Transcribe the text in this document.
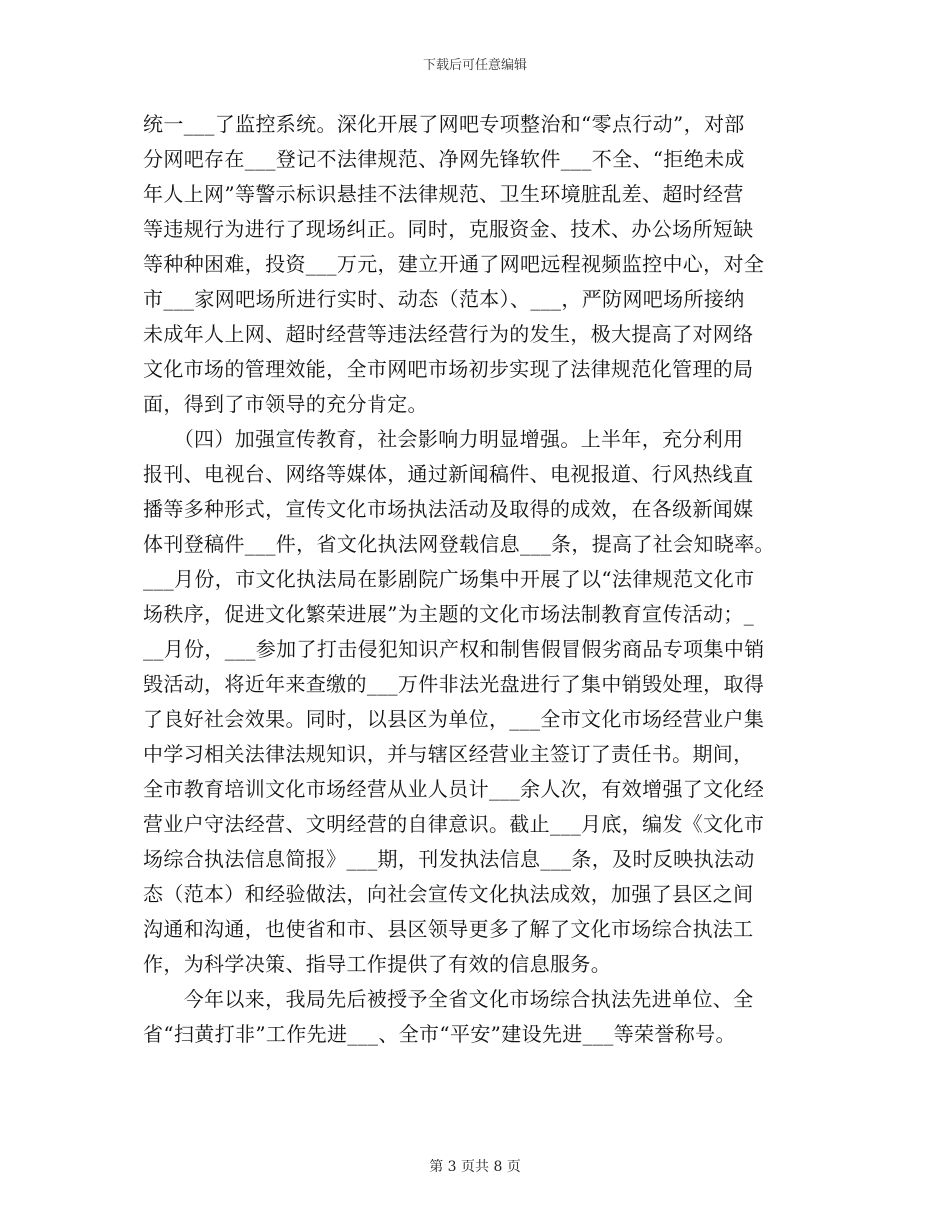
下载后可任意编辑
统一___了监控系统。深化开展了网吧专项整治和“零点行动”，对部
分网吧存在___登记不法律规范、净网先锋软件___不全、“拒绝未成
年人上网”等警示标识悬挂不法律规范、卫生环境脏乱差、超时经营
等违规行为进行了现场纠正。同时，克服资金、技术、办公场所短缺
等种种困难，投资___万元，建立开通了网吧远程视频监控中心，对全
市___家网吧场所进行实时、动态（范本）、___，严防网吧场所接纳
未成年人上网、超时经营等违法经营行为的发生，极大提高了对网络
文化市场的管理效能，全市网吧市场初步实现了法律规范化管理的局
面，得到了市领导的充分肯定。
　　（四）加强宣传教育，社会影响力明显增强。上半年，充分利用
报刊、电视台、网络等媒体，通过新闻稿件、电视报道、行风热线直
播等多种形式，宣传文化市场执法活动及取得的成效，在各级新闻媒
体刊登稿件___件，省文化执法网登载信息___条，提高了社会知晓率。
___月份，市文化执法局在影剧院广场集中开展了以“法律规范文化市
场秩序，促进文化繁荣进展”为主题的文化市场法制教育宣传活动；_
__月份，___参加了打击侵犯知识产权和制售假冒假劣商品专项集中销
毁活动，将近年来查缴的___万件非法光盘进行了集中销毁处理，取得
了良好社会效果。同时，以县区为单位，___全市文化市场经营业户集
中学习相关法律法规知识，并与辖区经营业主签订了责任书。期间，
全市教育培训文化市场经营从业人员计___余人次，有效增强了文化经
营业户守法经营、文明经营的自律意识。截止___月底，编发《文化市
场综合执法信息简报》___期，刊发执法信息___条，及时反映执法动
态（范本）和经验做法，向社会宣传文化执法成效，加强了县区之间
沟通和沟通，也使省和市、县区领导更多了解了文化市场综合执法工
作，为科学决策、指导工作提供了有效的信息服务。
　　今年以来，我局先后被授予全省文化市场综合执法先进单位、全
省“扫黄打非”工作先进___、全市“平安”建设先进___等荣誉称号。
第 3 页共 8 页
